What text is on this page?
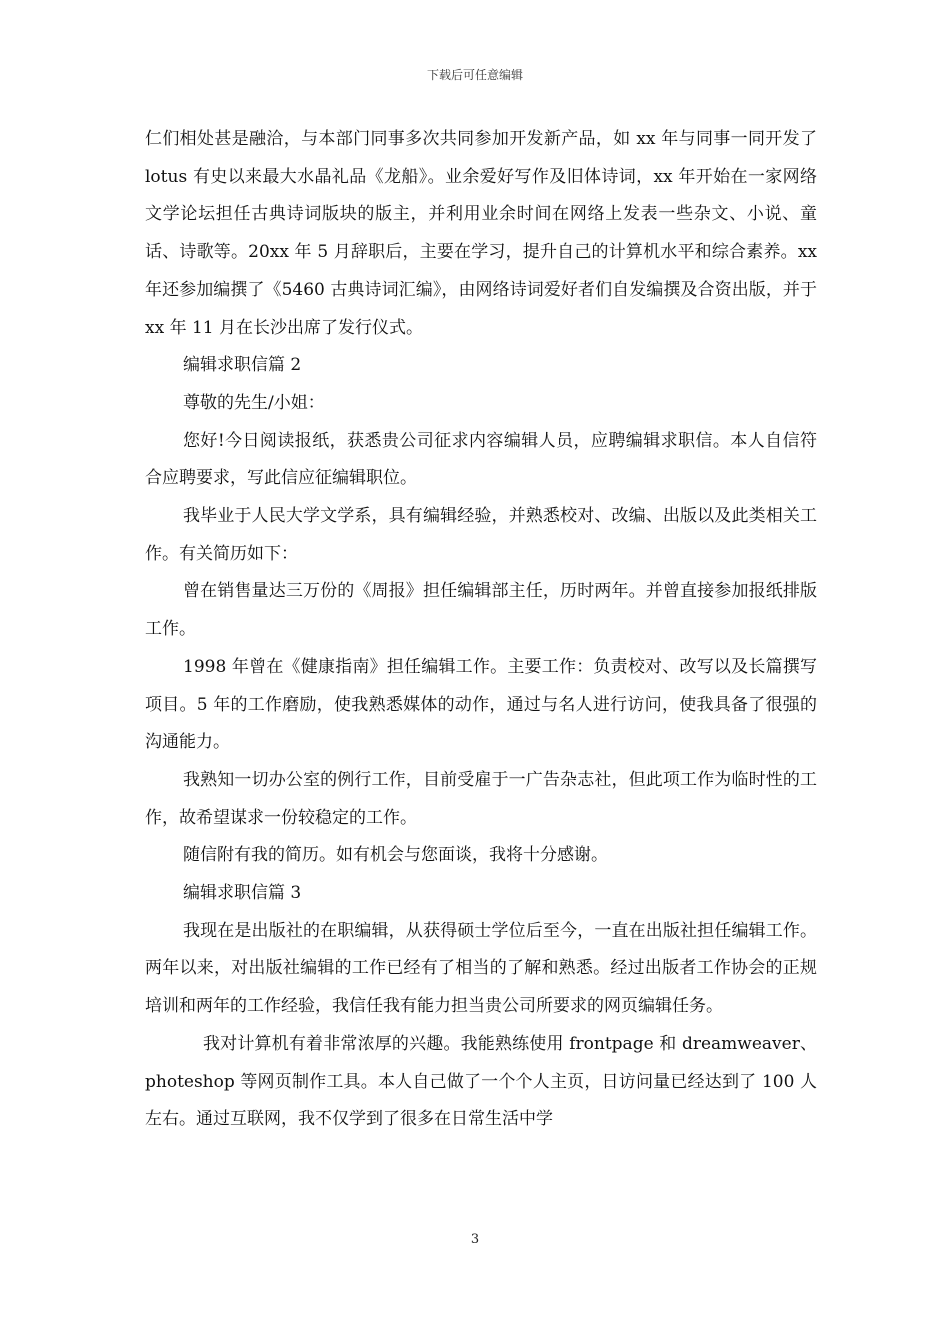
下载后可任意编辑

仁们相处甚是融洽，与本部门同事多次共同参加开发新产品，如 xx 年与同事一同开发了 lotus 有史以来最大水晶礼品《龙船》。业余爱好写作及旧体诗词，xx 年开始在一家网络文学论坛担任古典诗词版块的版主，并利用业余时间在网络上发表一些杂文、小说、童话、诗歌等。20xx 年 5 月辞职后，主要在学习，提升自己的计算机水平和综合素养。xx 年还参加编撰了《5460 古典诗词汇编》，由网络诗词爱好者们自发编撰及合资出版，并于 xx 年 11 月在长沙出席了发行仪式。

编辑求职信篇 2

尊敬的先生/小姐：

您好!今日阅读报纸，获悉贵公司征求内容编辑人员，应聘编辑求职信。本人自信符合应聘要求，写此信应征编辑职位。

我毕业于人民大学文学系，具有编辑经验，并熟悉校对、改编、出版以及此类相关工作。有关简历如下：

曾在销售量达三万份的《周报》担任编辑部主任，历时两年。并曾直接参加报纸排版工作。

1998 年曾在《健康指南》担任编辑工作。主要工作：负责校对、改写以及长篇撰写项目。5 年的工作磨励，使我熟悉媒体的动作，通过与名人进行访问，使我具备了很强的沟通能力。

我熟知一切办公室的例行工作，目前受雇于一广告杂志社，但此项工作为临时性的工作，故希望谋求一份较稳定的工作。

随信附有我的简历。如有机会与您面谈，我将十分感谢。

编辑求职信篇 3

我现在是出版社的在职编辑，从获得硕士学位后至今，一直在出版社担任编辑工作。两年以来，对出版社编辑的工作已经有了相当的了解和熟悉。经过出版者工作协会的正规培训和两年的工作经验，我信任我有能力担当贵公司所要求的网页编辑任务。

我对计算机有着非常浓厚的兴趣。我能熟练使用 frontpage 和 dreamweaver、photeshop 等网页制作工具。本人自己做了一个个人主页，日访问量已经达到了 100 人左右。通过互联网，我不仅学到了很多在日常生活中学

3
